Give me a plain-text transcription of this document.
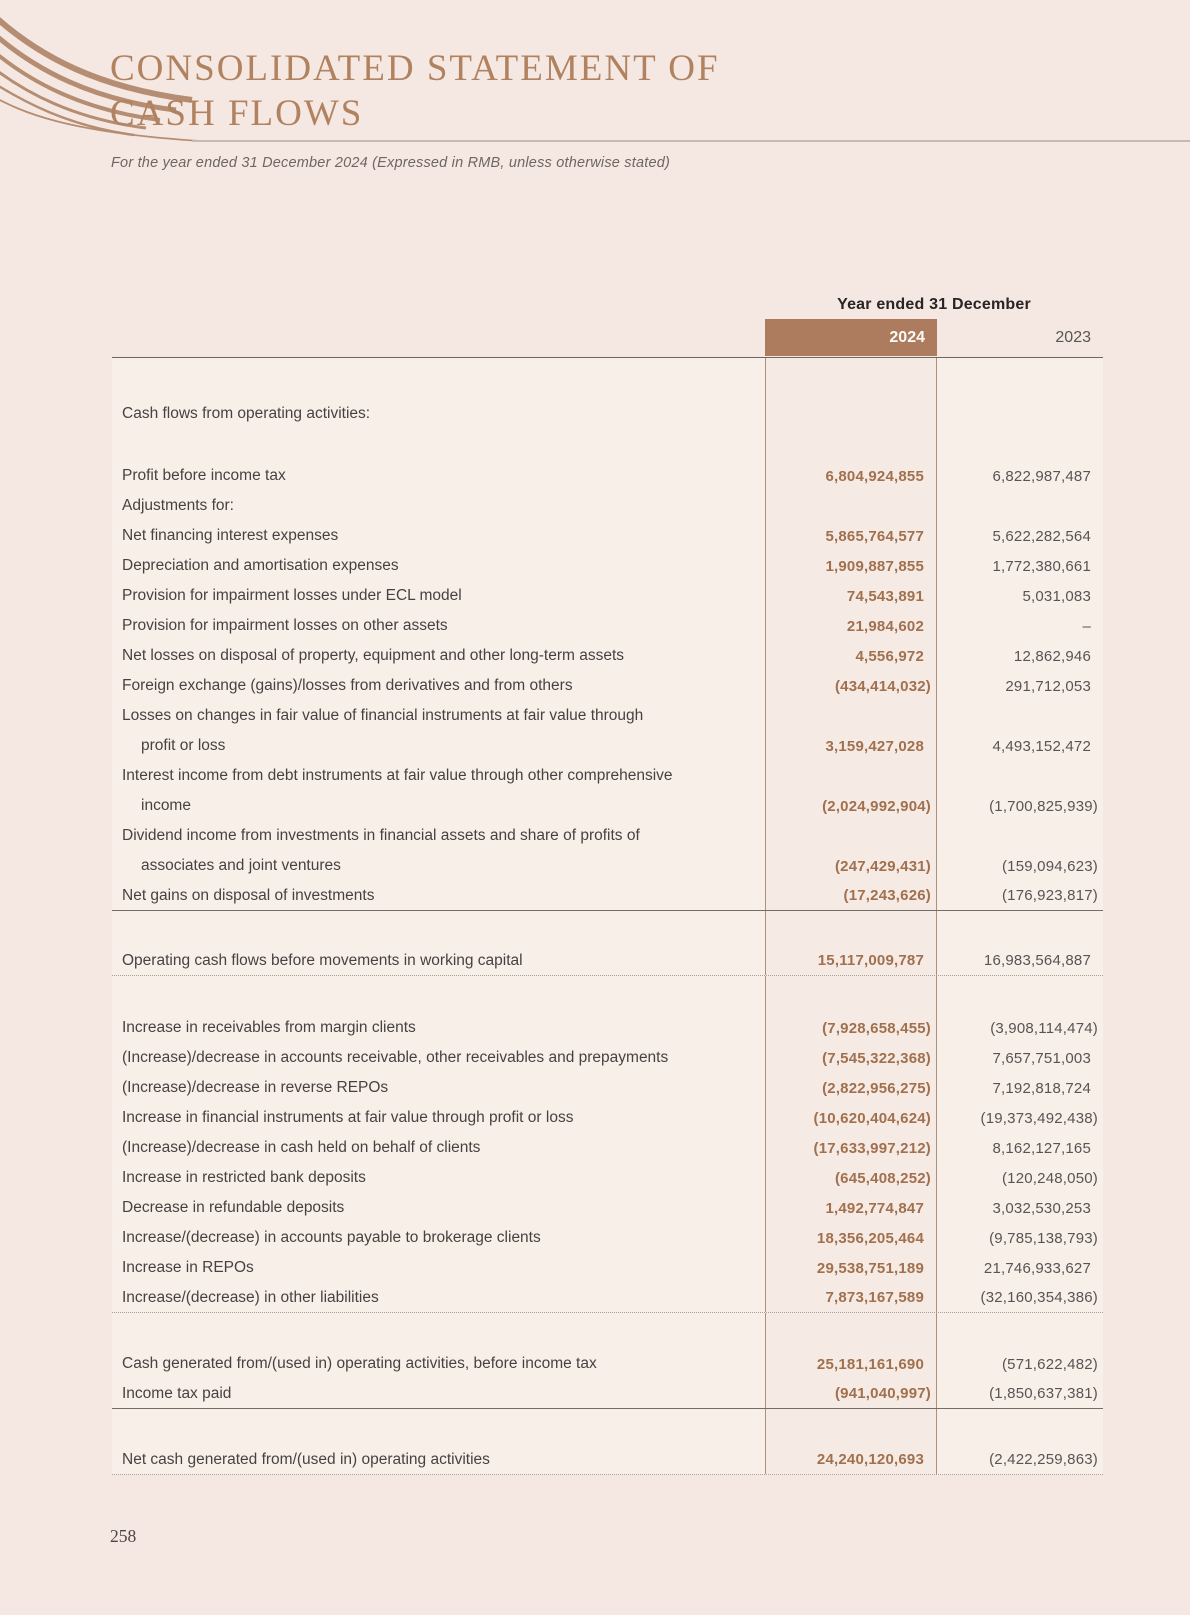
CONSOLIDATED STATEMENT OF
CASH FLOWS
For the year ended 31 December 2024 (Expressed in RMB, unless otherwise stated)
Year ended 31 December
2024	2023
Cash flows from operating activities:
Profit before income tax	6,804,924,855	6,822,987,487
Adjustments for:
Net financing interest expenses	5,865,764,577	5,622,282,564
Depreciation and amortisation expenses	1,909,887,855	1,772,380,661
Provision for impairment losses under ECL model	74,543,891	5,031,083
Provision for impairment losses on other assets	21,984,602	–
Net losses on disposal of property, equipment and other long-term assets	4,556,972	12,862,946
Foreign exchange (gains)/losses from derivatives and from others	(434,414,032)	291,712,053
Losses on changes in fair value of financial instruments at fair value through
profit or loss	3,159,427,028	4,493,152,472
Interest income from debt instruments at fair value through other comprehensive
income	(2,024,992,904)	(1,700,825,939)
Dividend income from investments in financial assets and share of profits of
associates and joint ventures	(247,429,431)	(159,094,623)
Net gains on disposal of investments	(17,243,626)	(176,923,817)
Operating cash flows before movements in working capital	15,117,009,787	16,983,564,887
Increase in receivables from margin clients	(7,928,658,455)	(3,908,114,474)
(Increase)/decrease in accounts receivable, other receivables and prepayments	(7,545,322,368)	7,657,751,003
(Increase)/decrease in reverse REPOs	(2,822,956,275)	7,192,818,724
Increase in financial instruments at fair value through profit or loss	(10,620,404,624)	(19,373,492,438)
(Increase)/decrease in cash held on behalf of clients	(17,633,997,212)	8,162,127,165
Increase in restricted bank deposits	(645,408,252)	(120,248,050)
Decrease in refundable deposits	1,492,774,847	3,032,530,253
Increase/(decrease) in accounts payable to brokerage clients	18,356,205,464	(9,785,138,793)
Increase in REPOs	29,538,751,189	21,746,933,627
Increase/(decrease) in other liabilities	7,873,167,589	(32,160,354,386)
Cash generated from/(used in) operating activities, before income tax	25,181,161,690	(571,622,482)
Income tax paid	(941,040,997)	(1,850,637,381)
Net cash generated from/(used in) operating activities	24,240,120,693	(2,422,259,863)
258
